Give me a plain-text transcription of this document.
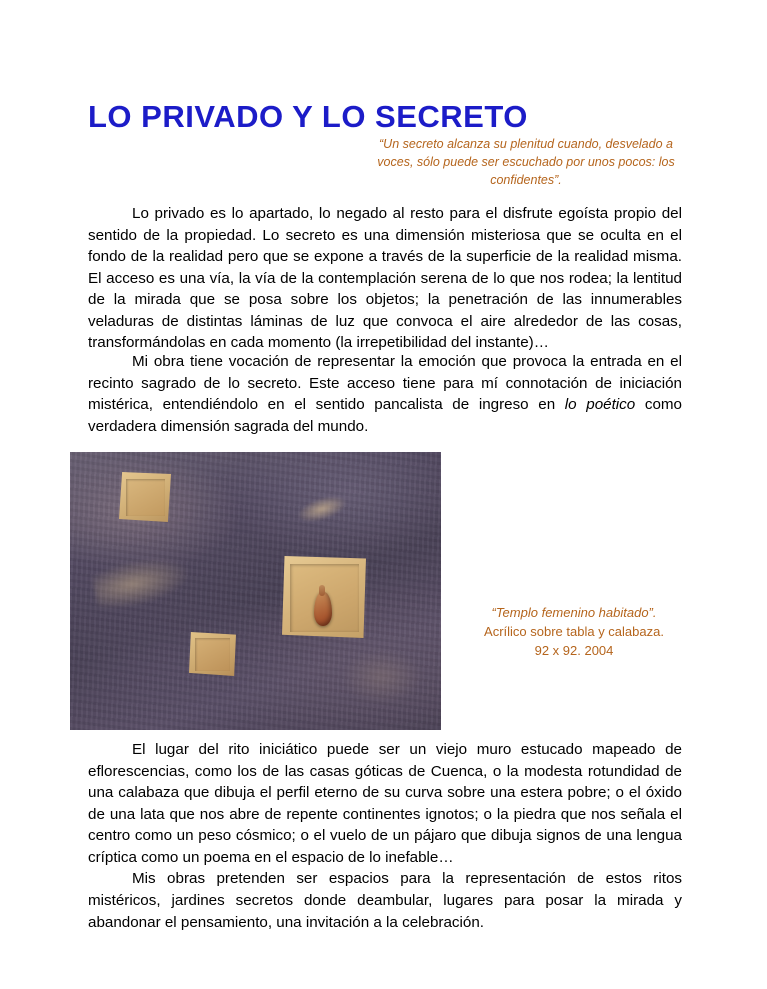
LO PRIVADO Y LO SECRETO
“Un secreto alcanza su plenitud cuando, desvelado a voces, sólo puede ser escuchado por unos pocos: los confidentes”.

Lo privado es lo apartado, lo negado al resto para el disfrute egoísta propio del sentido de la propiedad. Lo secreto es una dimensión misteriosa que se oculta en el fondo de la realidad pero que se expone a través de la superficie de la realidad misma. El acceso es una vía, la vía de la contemplación serena de lo que nos rodea; la lentitud de la mirada que se posa sobre los objetos; la penetración de las innumerables veladuras de distintas láminas de luz que convoca el aire alrededor de las cosas, transformándolas en cada momento (la irrepetibilidad del instante)…

Mi obra tiene vocación de representar la emoción que provoca la entrada en el recinto sagrado de lo secreto. Este acceso tiene para mí connotación de iniciación mistérica, entendiéndolo en el sentido pancalista de ingreso en lo poético como verdadera dimensión sagrada del mundo.

“Templo femenino habitado”.
Acrílico sobre tabla y calabaza.
92 x 92. 2004

El lugar del rito iniciático puede ser un viejo muro estucado mapeado de eflorescencias, como los de las casas góticas de Cuenca, o la modesta rotundidad de una calabaza que dibuja el perfil eterno de su curva sobre una estera pobre; o el óxido de una lata que nos abre de repente continentes ignotos; o la piedra que nos señala el centro como un peso cósmico; o el vuelo de un pájaro que dibuja signos de una lengua críptica como un poema en el espacio de lo inefable…

Mis obras pretenden ser espacios para la representación de estos ritos mistéricos, jardines secretos donde deambular, lugares para posar la mirada y abandonar el pensamiento, una invitación a la celebración.
